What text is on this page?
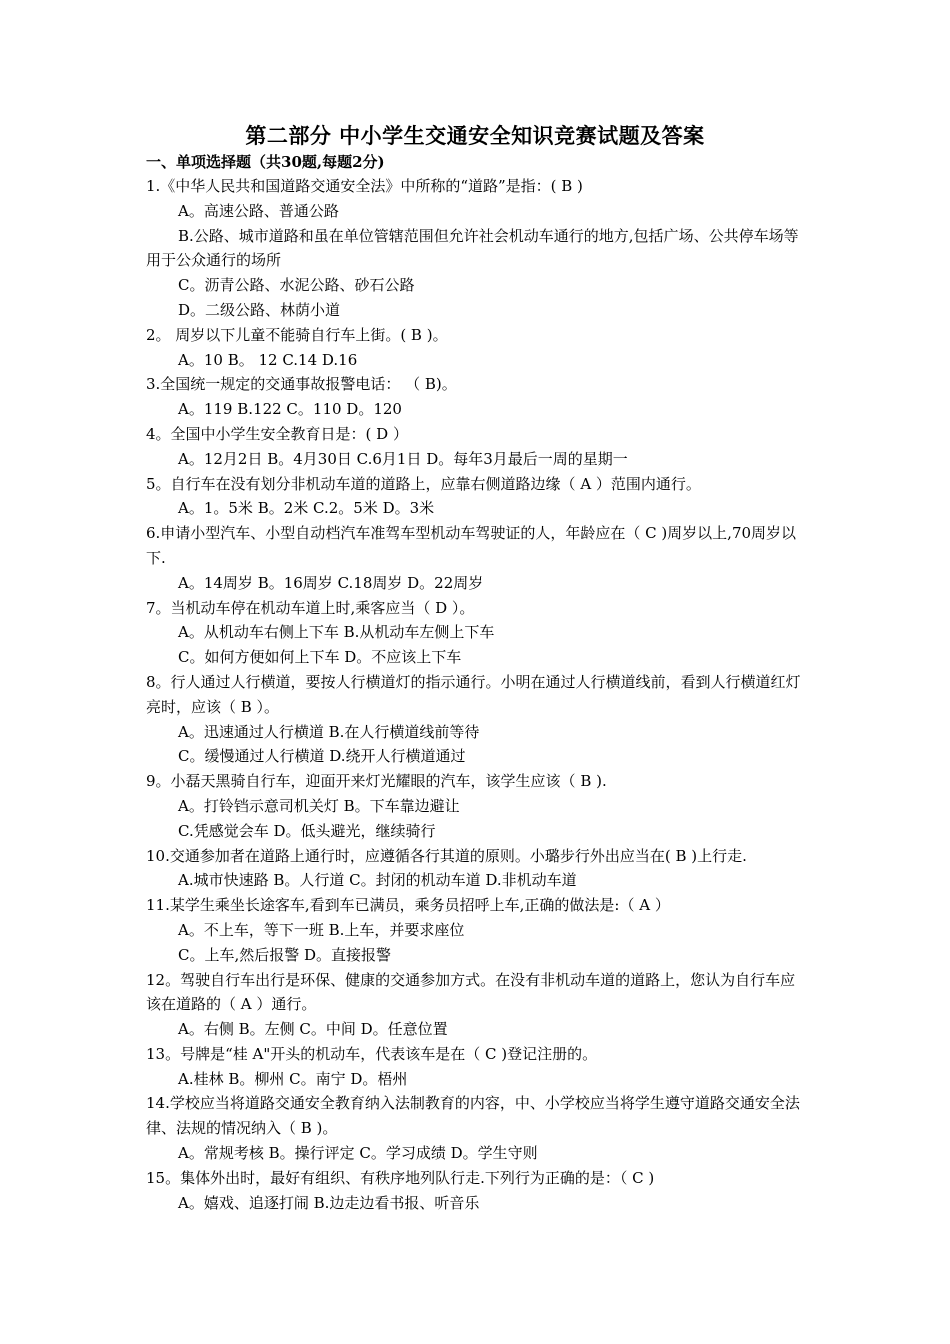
第二部分 中小学生交通安全知识竞赛试题及答案
一、单项选择题（共30题,每题2分)

1.《中华人民共和国道路交通安全法》中所称的“道路”是指：( B )

A。高速公路、普通公路

B.公路、城市道路和虽在单位管辖范围但允许社会机动车通行的地方,包括广场、公共停车场等用于公众通行的场所

C。沥青公路、水泥公路、砂石公路

D。二级公路、林荫小道

2。 周岁以下儿童不能骑自行车上街。( B )。

A。10 B。 12 C.14 D.16

3.全国统一规定的交通事故报警电话： （ B)。

A。119 B.122 C。110 D。120

4。全国中小学生安全教育日是：( D ）

A。12月2日 B。4月30日 C.6月1日 D。每年3月最后一周的星期一

5。自行车在没有划分非机动车道的道路上，应靠右侧道路边缘（ A ）范围内通行。

A。1。5米 B。2米 C.2。5米 D。3米

6.申请小型汽车、小型自动档汽车准驾车型机动车驾驶证的人，年龄应在（ C )周岁以上,70周岁以下.

A。14周岁 B。16周岁 C.18周岁 D。22周岁

7。当机动车停在机动车道上时,乘客应当（ D ）。

A。从机动车右侧上下车 B.从机动车左侧上下车

C。如何方便如何上下车 D。不应该上下车

8。行人通过人行横道，要按人行横道灯的指示通行。小明在通过人行横道线前，看到人行横道红灯亮时，应该（ B ）。

A。迅速通过人行横道 B.在人行横道线前等待

C。缓慢通过人行横道 D.绕开人行横道通过

9。小磊天黑骑自行车，迎面开来灯光耀眼的汽车，该学生应该（ B ).

A。打铃铛示意司机关灯 B。下车靠边避让

C.凭感觉会车 D。低头避光，继续骑行

10.交通参加者在道路上通行时，应遵循各行其道的原则。小璐步行外出应当在( B )上行走.

A.城市快速路 B。人行道 C。封闭的机动车道 D.非机动车道

11.某学生乘坐长途客车,看到车已满员，乘务员招呼上车,正确的做法是:（ A ）

A。不上车，等下一班 B.上车，并要求座位

C。上车,然后报警 D。直接报警

12。驾驶自行车出行是环保、健康的交通参加方式。在没有非机动车道的道路上，您认为自行车应该在道路的（ A ）通行。

A。右侧 B。左侧 C。中间 D。任意位置

13。号牌是“桂 A"开头的机动车，代表该车是在（ C )登记注册的。

A.桂林 B。柳州 C。南宁 D。梧州

14.学校应当将道路交通安全教育纳入法制教育的内容，中、小学校应当将学生遵守道路交通安全法律、法规的情况纳入（ B )。

A。常规考核 B。操行评定 C。学习成绩 D。学生守则

15。集体外出时，最好有组织、有秩序地列队行走.下列行为正确的是：（ C )

A。嬉戏、追逐打闹 B.边走边看书报、听音乐
